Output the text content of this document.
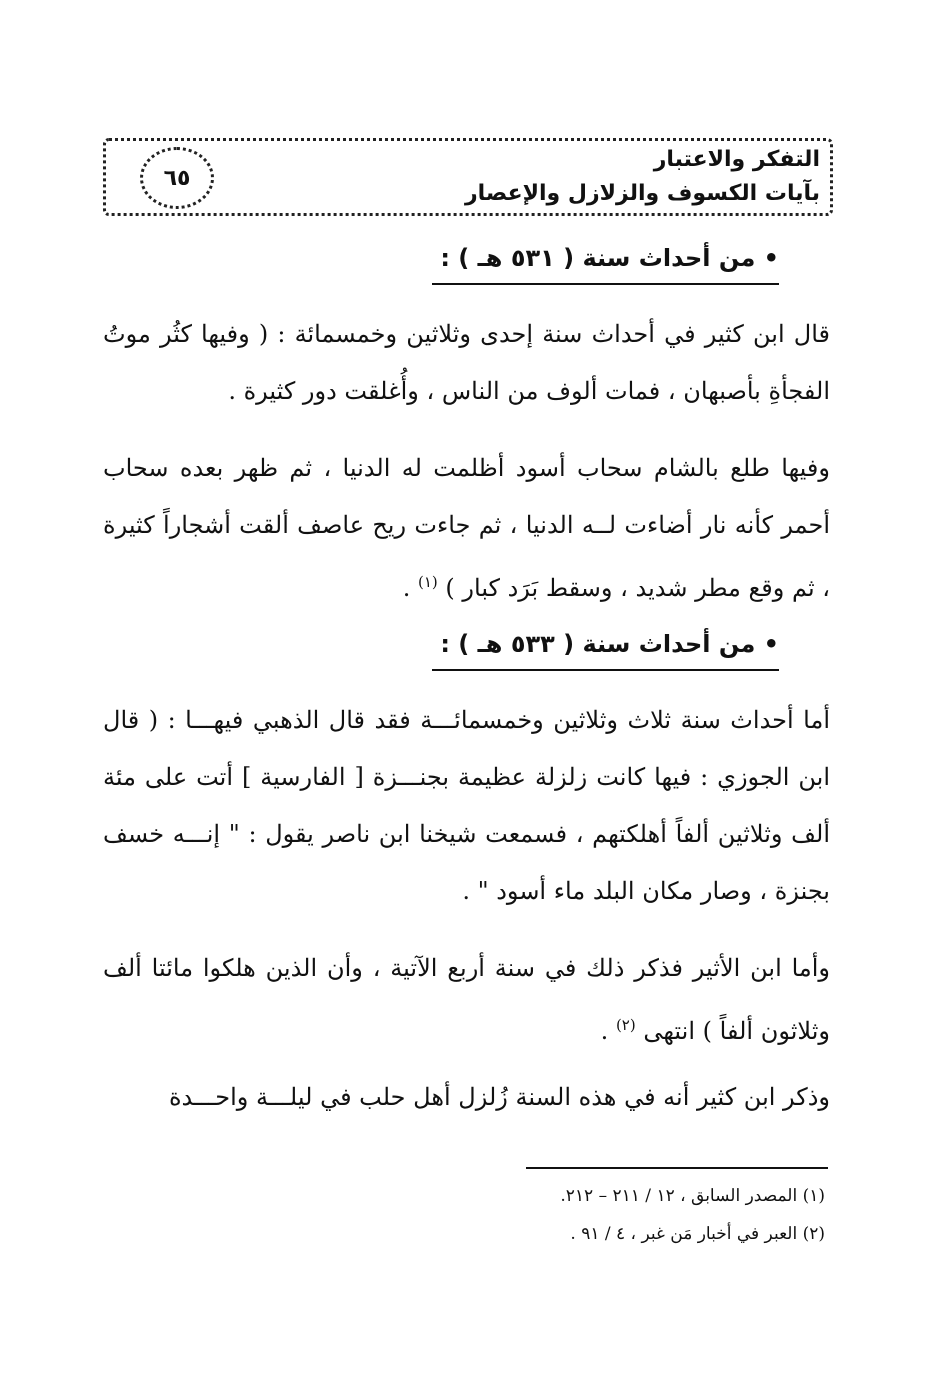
التفكر والاعتبار
بآيات الكسوف والزلازل والإعصار
٦٥
• من أحداث سنة ( ٥٣١ هـ ) :

قال ابن كثير في أحداث سنة إحدى وثلاثين وخمسمائة : ( وفيها كثُر موتُ الفجأةِ بأصبهان ، فمات ألوف من الناس ، وأُغلقت دور كثيرة .

وفيها طلع بالشام سحاب أسود أظلمت له الدنيا ، ثم ظهر بعده سحاب أحمر كأنه نار أضاءت لــه الدنيا ، ثم جاءت ريح عاصف ألقت أشجاراً كثيرة ، ثم وقع مطر شديد ، وسقط بَرَد كبار ) $^{(١)}$ .

• من أحداث سنة ( ٥٣٣ هـ ) :

أما أحداث سنة ثلاث وثلاثين وخمسمائـــة فقد قال الذهبي فيهـــا : ( قال ابن الجوزي : فيها كانت زلزلة عظيمة بجنـــزة [ الفارسية ] أتت على مئة ألف وثلاثين ألفاً أهلكتهم ، فسمعت شيخنا ابن ناصر يقول : " إنـــه خسف بجنزة ، وصار مكان البلد ماء أسود " .

وأما ابن الأثير فذكر ذلك في سنة أربع الآتية ، وأن الذين هلكوا مائتا ألف وثلاثون ألفاً ) انتهى $^{(٢)}$ .

وذكر ابن كثير أنه في هذه السنة زُلزل أهل حلب في ليلـــة واحـــدة

(١) المصدر السابق ، ١٢ / ٢١١ – ٢١٢.
(٢) العبر في أخبار مَن غبر ، ٤ / ٩١ .
